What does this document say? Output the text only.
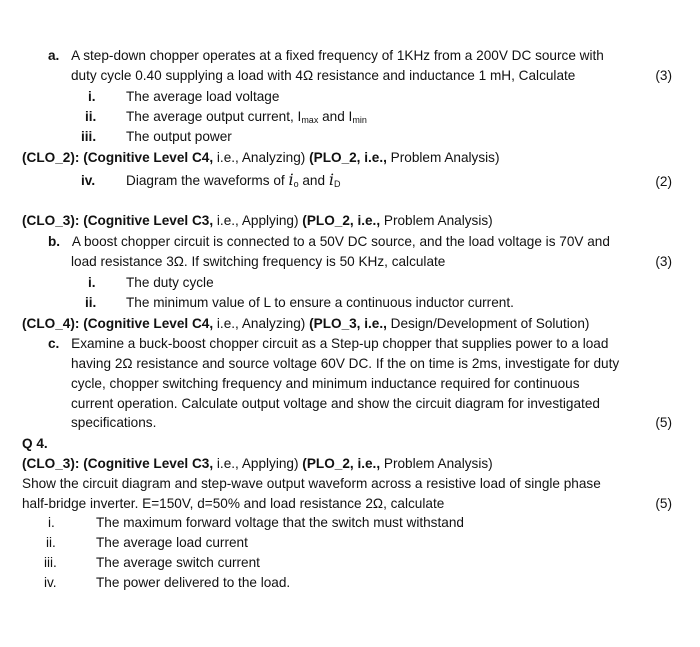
a. A step-down chopper operates at a fixed frequency of 1KHz from a 200V DC source with
duty cycle 0.40 supplying a load with 4Ω resistance and inductance 1 mH, Calculate	(3)
i. The average load voltage
ii. The average output current, $I_{max}$ and $I_{min}$
iii. The output power
(CLO_2): (Cognitive Level C4, i.e., Analyzing) (PLO_2, i.e., Problem Analysis)
iv. Diagram the waveforms of $i_o$ and $i_D$	(2)
(CLO_3): (Cognitive Level C3, i.e., Applying) (PLO_2, i.e., Problem Analysis)
b. A boost chopper circuit is connected to a 50V DC source, and the load voltage is 70V and
load resistance 3Ω. If switching frequency is 50 KHz, calculate	(3)
i. The duty cycle
ii. The minimum value of L to ensure a continuous inductor current.
(CLO_4): (Cognitive Level C4, i.e., Analyzing) (PLO_3, i.e., Design/Development of Solution)
c. Examine a buck-boost chopper circuit as a Step-up chopper that supplies power to a load
having 2Ω resistance and source voltage 60V DC. If the on time is 2ms, investigate for duty
cycle, chopper switching frequency and minimum inductance required for continuous
current operation. Calculate output voltage and show the circuit diagram for investigated
specifications.	(5)
Q 4.
(CLO_3): (Cognitive Level C3, i.e., Applying) (PLO_2, i.e., Problem Analysis)
Show the circuit diagram and step-wave output waveform across a resistive load of single phase
half-bridge inverter. E=150V, d=50% and load resistance 2Ω, calculate	(5)
i.	The maximum forward voltage that the switch must withstand
ii.	The average load current
iii.	The average switch current
iv.	The power delivered to the load.
